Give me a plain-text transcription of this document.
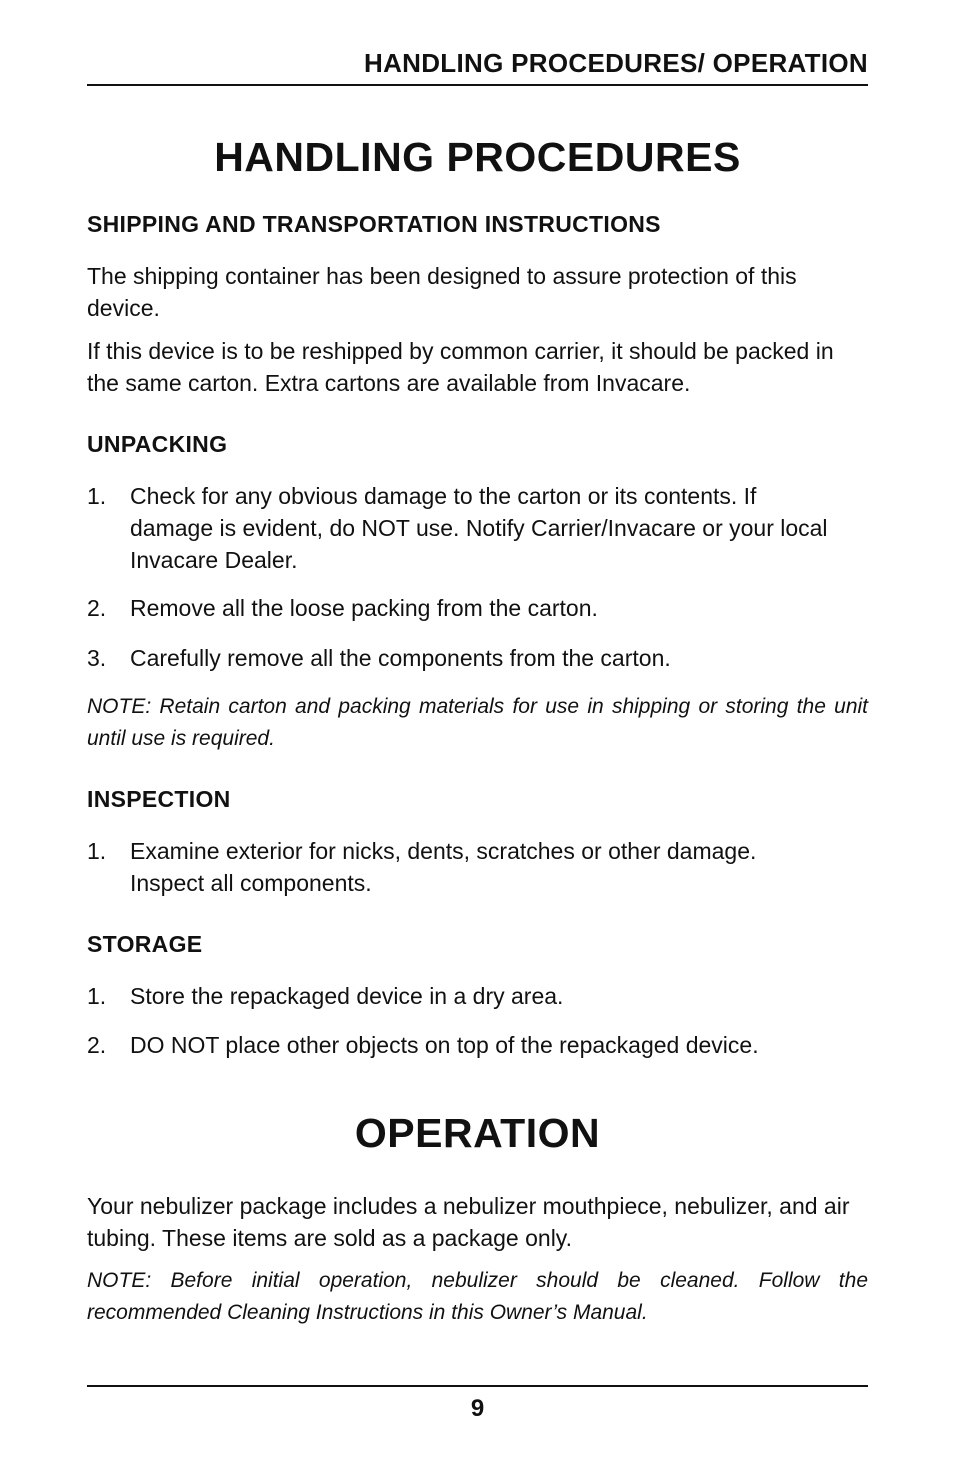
HANDLING PROCEDURES/ OPERATION
HANDLING PROCEDURES
SHIPPING AND TRANSPORTATION INSTRUCTIONS
The shipping container has been designed to assure protection of this device.
If this device is to be reshipped by common carrier, it should be packed in the same carton. Extra cartons are available from Invacare.
UNPACKING
1. Check for any obvious damage to the carton or its contents. If damage is evident, do NOT use. Notify Carrier/Invacare or your local Invacare Dealer.
2. Remove all the loose packing from the carton.
3. Carefully remove all the components from the carton.
NOTE: Retain carton and packing materials for use in shipping or storing the unit until use is required.
INSPECTION
1. Examine exterior for nicks, dents, scratches or other damage. Inspect all components.
STORAGE
1. Store the repackaged device in a dry area.
2. DO NOT place other objects on top of the repackaged device.
OPERATION
Your nebulizer package includes a nebulizer mouthpiece, nebulizer, and air tubing. These items are sold as a package only.
NOTE: Before initial operation, nebulizer should be cleaned. Follow the recommended Cleaning Instructions in this Owner’s Manual.
9
